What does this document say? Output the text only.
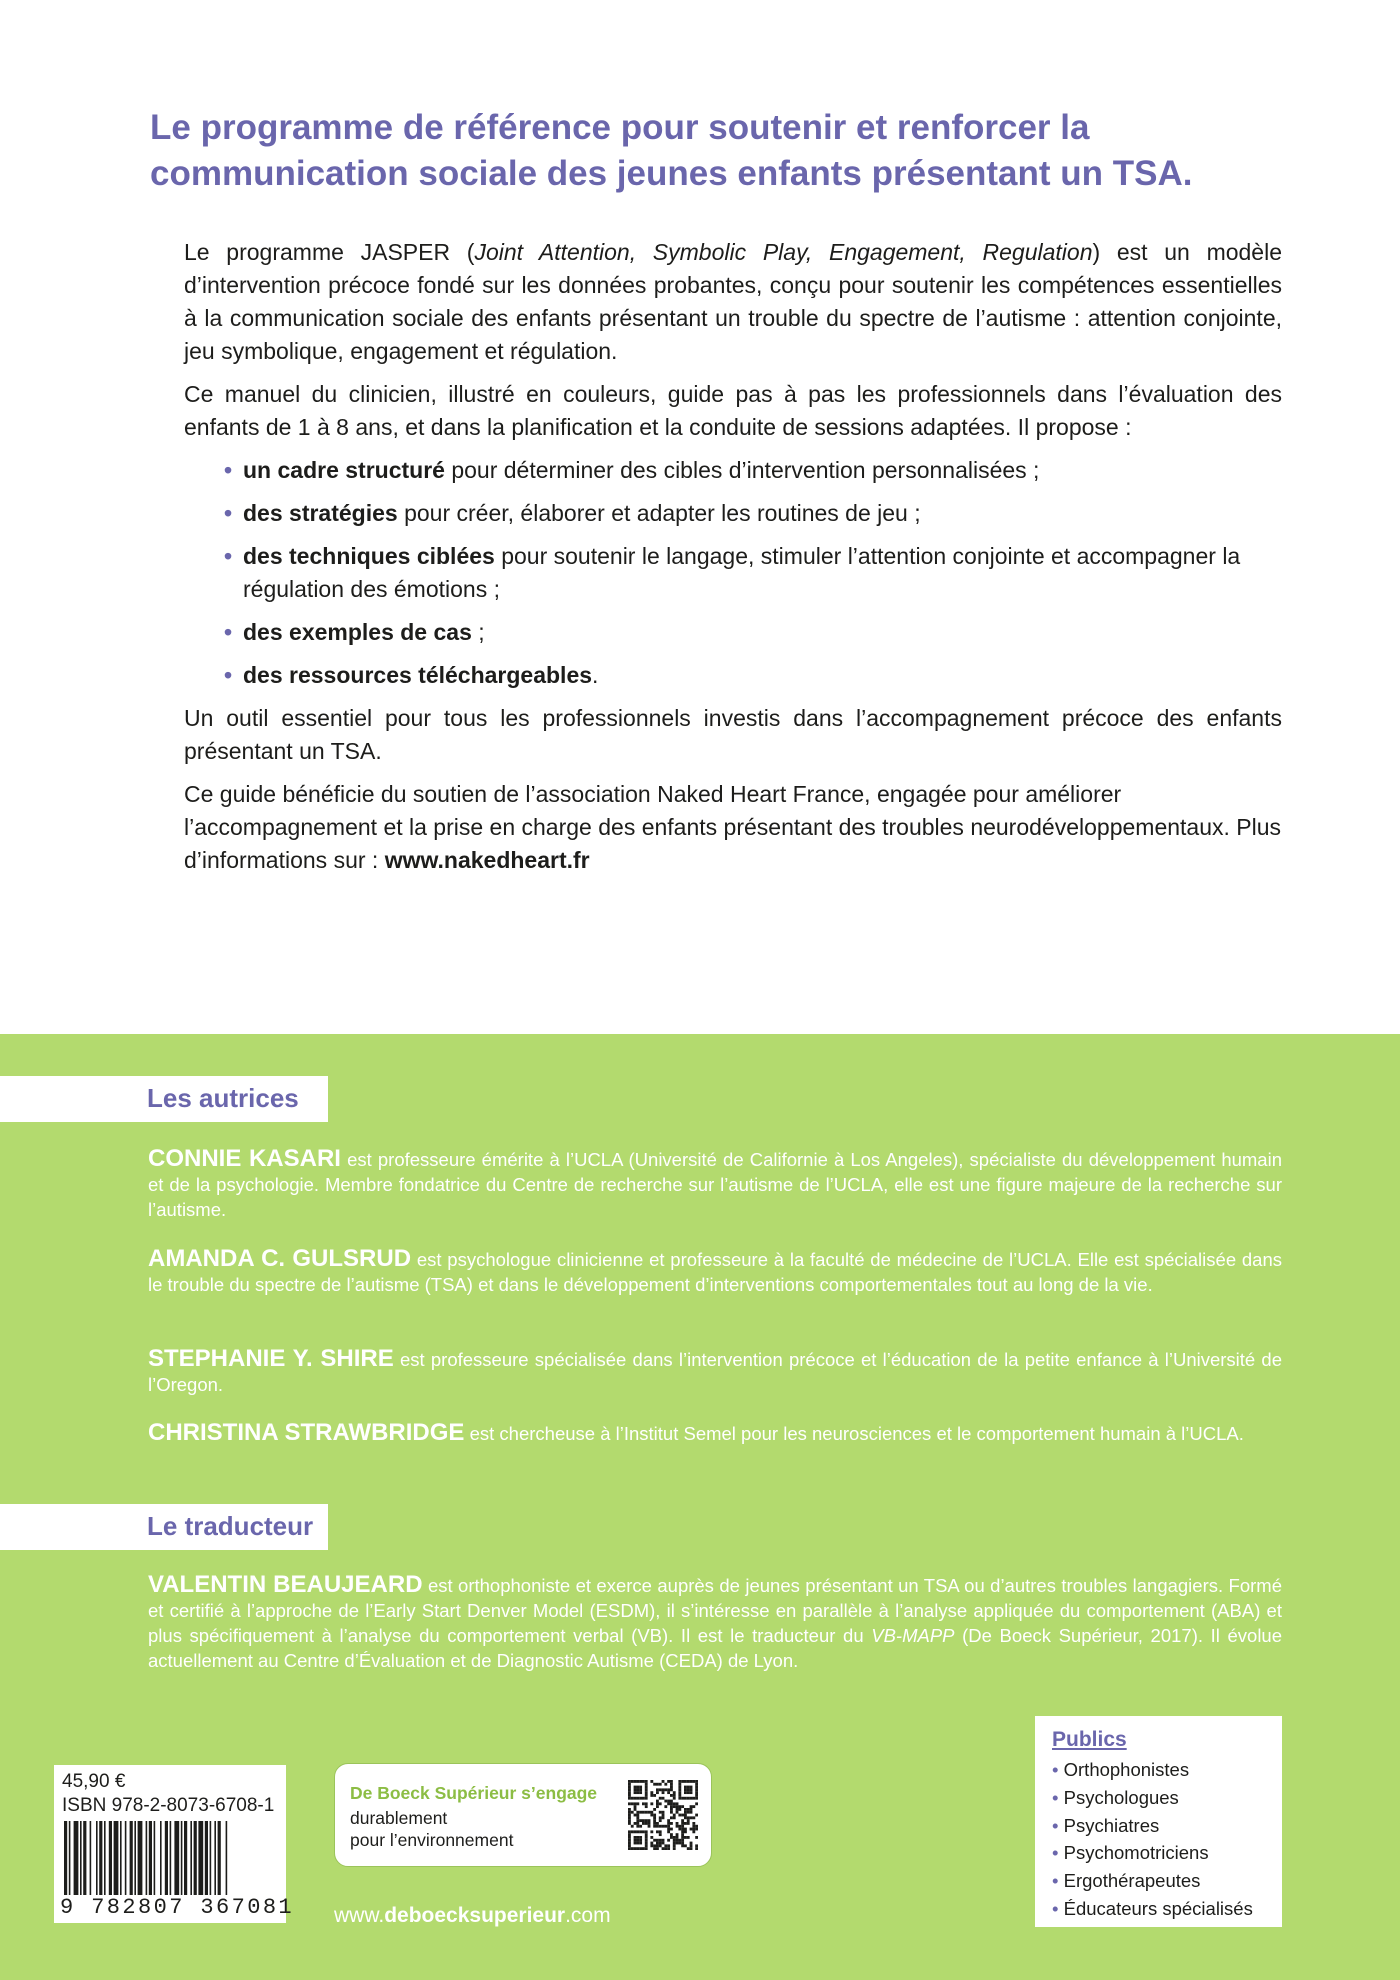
Le programme de référence pour soutenir et renforcer la communication sociale des jeunes enfants présentant un TSA.

Le programme JASPER (Joint Attention, Symbolic Play, Engagement, Regulation) est un modèle d’intervention précoce fondé sur les données probantes, conçu pour soutenir les compétences essentielles à la communication sociale des enfants présentant un trouble du spectre de l’autisme : attention conjointe, jeu symbolique, engagement et régulation.

Ce manuel du clinicien, illustré en couleurs, guide pas à pas les professionnels dans l’évaluation des enfants de 1 à 8 ans, et dans la planification et la conduite de sessions adaptées. Il propose :

• un cadre structuré pour déterminer des cibles d’intervention personnalisées ;
• des stratégies pour créer, élaborer et adapter les routines de jeu ;
• des techniques ciblées pour soutenir le langage, stimuler l’attention conjointe et accompagner la régulation des émotions ;
• des exemples de cas ;
• des ressources téléchargeables.

Un outil essentiel pour tous les professionnels investis dans l’accompagnement précoce des enfants présentant un TSA.

Ce guide bénéficie du soutien de l’association Naked Heart France, engagée pour améliorer l’accompagnement et la prise en charge des enfants présentant des troubles neurodéveloppementaux. Plus d’informations sur : www.nakedheart.fr

Les autrices

CONNIE KASARI est professeure émérite à l’UCLA (Université de Californie à Los Angeles), spécialiste du développement humain et de la psychologie. Membre fondatrice du Centre de recherche sur l’autisme de l’UCLA, elle est une figure majeure de la recherche sur l’autisme.

AMANDA C. GULSRUD est psychologue clinicienne et professeure à la faculté de médecine de l’UCLA. Elle est spécialisée dans le trouble du spectre de l’autisme (TSA) et dans le développement d’interventions comportementales tout au long de la vie.

STEPHANIE Y. SHIRE est professeure spécialisée dans l’intervention précoce et l’éducation de la petite enfance à l’Université de l’Oregon.

CHRISTINA STRAWBRIDGE est chercheuse à l’Institut Semel pour les neurosciences et le comportement humain à l’UCLA.

Le traducteur

VALENTIN BEAUJEARD est orthophoniste et exerce auprès de jeunes présentant un TSA ou d’autres troubles langagiers. Formé et certifié à l’approche de l’Early Start Denver Model (ESDM), il s’intéresse en parallèle à l’analyse appliquée du comportement (ABA) et plus spécifiquement à l’analyse du comportement verbal (VB). Il est le traducteur du VB-MAPP (De Boeck Supérieur, 2017). Il évolue actuellement au Centre d’Évaluation et de Diagnostic Autisme (CEDA) de Lyon.

45,90 €
ISBN 978-2-8073-6708-1
9 782807 367081
De Boeck Supérieur s’engage
durablement
pour l’environnement
www.deboecksuperieur.com
Publics
• Orthophonistes
• Psychologues
• Psychiatres
• Psychomotriciens
• Ergothérapeutes
• Éducateurs spécialisés
